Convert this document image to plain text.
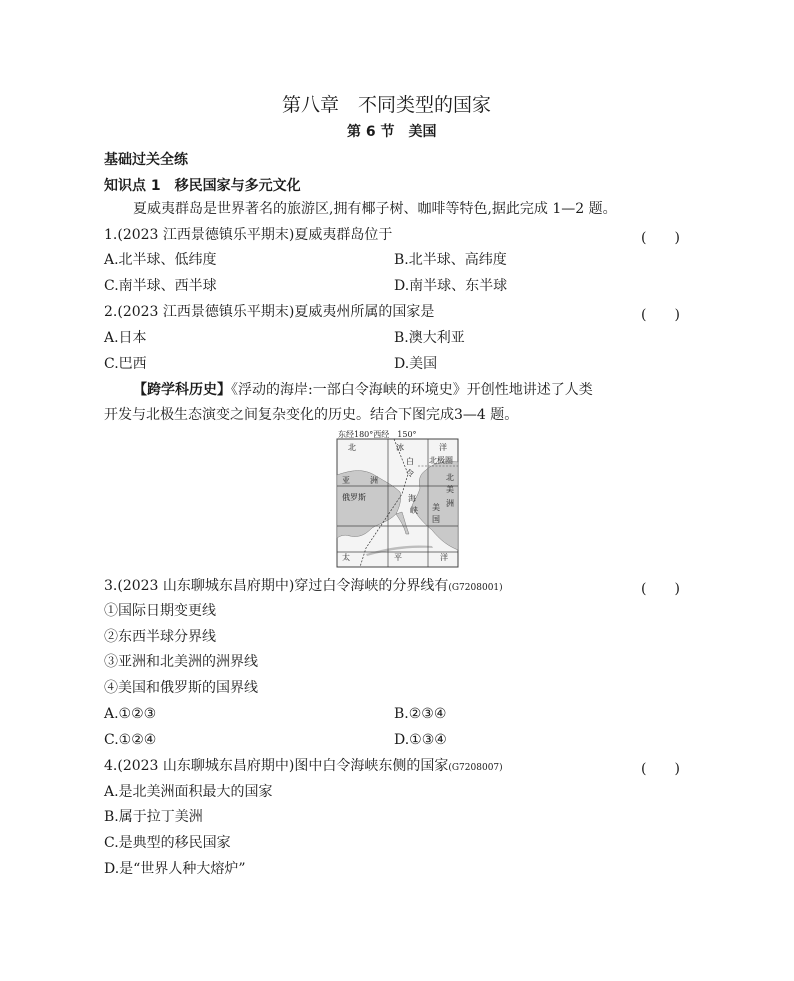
第八章　不同类型的国家
第 6 节　美国
基础过关全练
知识点 1　移民国家与多元文化
夏威夷群岛是世界著名的旅游区,拥有椰子树、咖啡等特色,据此完成 1—2 题。
1.(2023 江西景德镇乐平期末)夏威夷群岛位于	(　　)
A.北半球、低纬度	B.北半球、高纬度
C.南半球、西半球	D.南半球、东半球
2.(2023 江西景德镇乐平期末)夏威夷州所属的国家是	(　　)
A.日本	B.澳大利亚
C.巴西	D.美国
【跨学科历史】《浮动的海岸:一部白令海峡的环境史》开创性地讲述了人类
开发与北极生态演变之间复杂变化的历史。结合下图完成3—4 题。
东经180°西经　150°
北	冰	洋
白
令
海
峡
亚	洲
俄罗斯
北极圈
北
美
洲
美
国
太	平	洋
3.(2023 山东聊城东昌府期中)穿过白令海峡的分界线有(G7208001)	(　　)
①国际日期变更线
②东西半球分界线
③亚洲和北美洲的洲界线
④美国和俄罗斯的国界线
A.①②③	B.②③④
C.①②④	D.①③④
4.(2023 山东聊城东昌府期中)图中白令海峡东侧的国家(G7208007)	(　　)
A.是北美洲面积最大的国家
B.属于拉丁美洲
C.是典型的移民国家
D.是“世界人种大熔炉”
